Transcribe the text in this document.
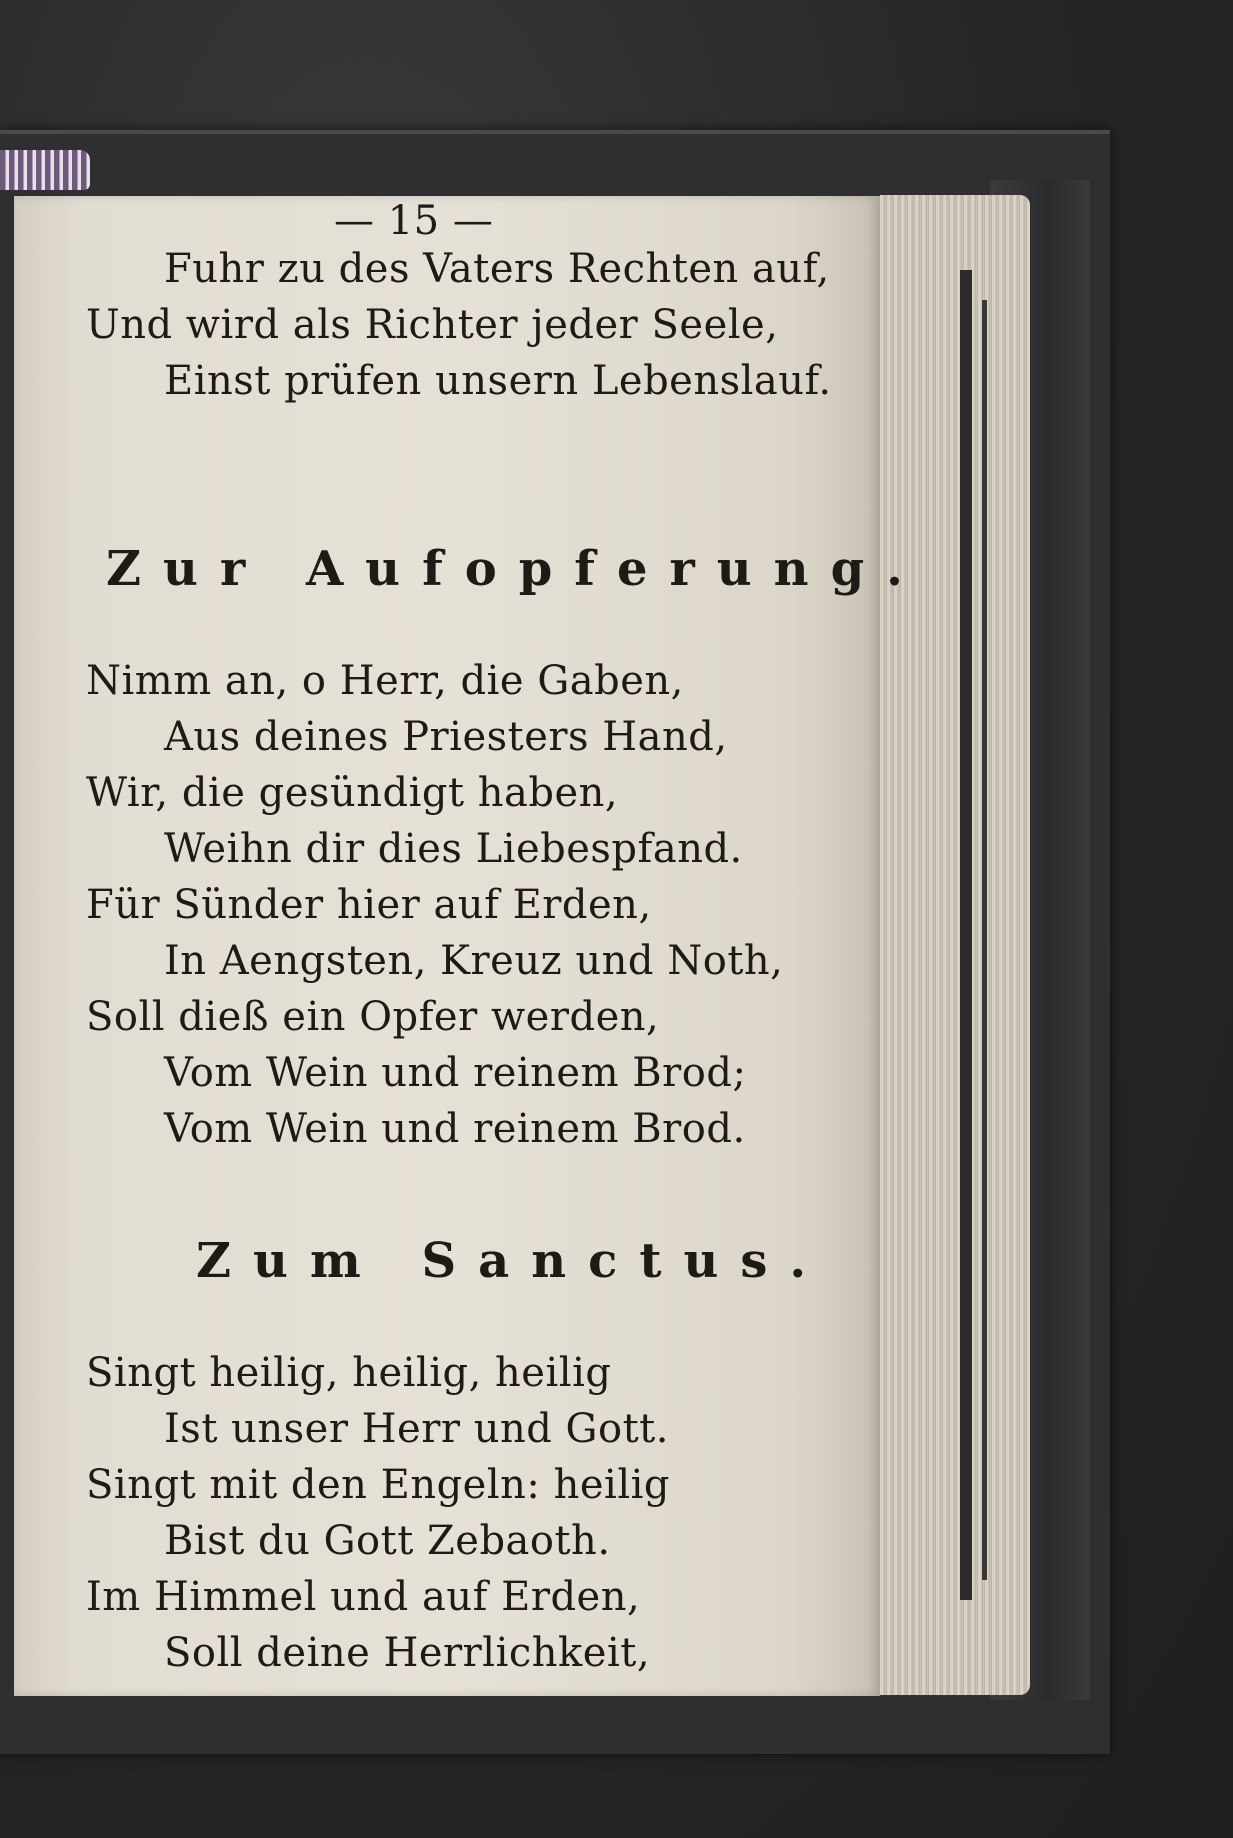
— 15 —
Fuhr zu des Vaters Rechten auf,
Und wird als Richter jeder Seele,
Einst prüfen unsern Lebenslauf.
Zur Aufopferung.
Nimm an, o Herr, die Gaben,
Aus deines Priesters Hand,
Wir, die gesündigt haben,
Weihn dir dies Liebespfand.
Für Sünder hier auf Erden,
In Aengsten, Kreuz und Noth,
Soll dieß ein Opfer werden,
Vom Wein und reinem Brod;
Vom Wein und reinem Brod.
Zum Sanctus.
Singt heilig, heilig, heilig
Ist unser Herr und Gott.
Singt mit den Engeln: heilig
Bist du Gott Zebaoth.
Im Himmel und auf Erden,
Soll deine Herrlichkeit,
